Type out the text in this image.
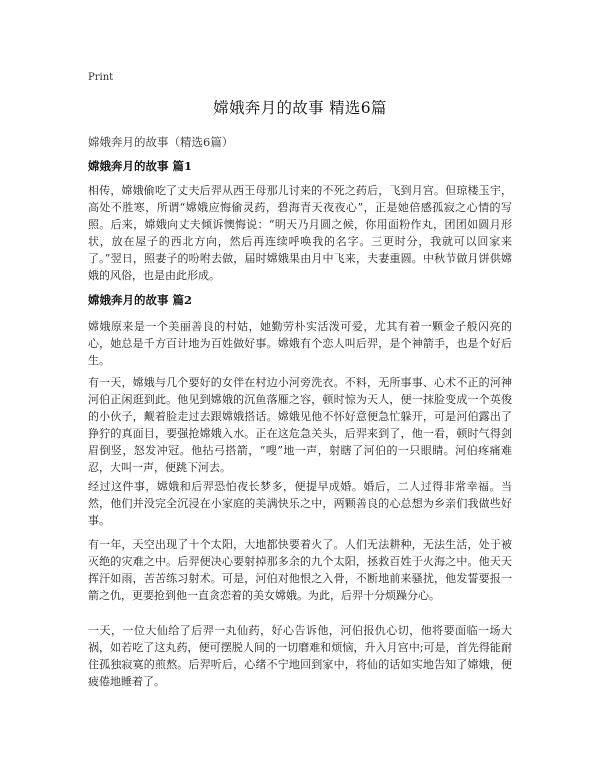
Print
嫦娥奔月的故事 精选6篇
嫦娥奔月的故事（精选6篇）
嫦娥奔月的故事 篇1

相传，嫦娥偷吃了丈夫后羿从西王母那儿讨来的不死之药后，飞到月宫。但琼楼玉宇，高处不胜寒，所谓“嫦娥应悔偷灵药，碧海青天夜夜心”，正是她倍感孤寂之心情的写照。后来，嫦娥向丈夫倾诉懊悔说：“明天乃月圆之候，你用面粉作丸，团团如圆月形状，放在屋子的西北方向，然后再连续呼唤我的名字。三更时分，我就可以回家来了。”翌日，照妻子的吩咐去做，届时嫦娥果由月中飞来，夫妻重圆。中秋节做月饼供嫦娥的风俗，也是由此形成。

嫦娥奔月的故事 篇2

嫦娥原来是一个美丽善良的村姑，她勤劳朴实活泼可爱，尤其有着一颗金子般闪亮的心，她总是千方百计地为百姓做好事。嫦娥有个恋人叫后羿，是个神箭手，也是个好后生。

有一天，嫦娥与几个要好的女伴在村边小河旁洗衣。不料，无所事事、心术不正的河神河伯正闲逛到此。他见到嫦娥的沉鱼落雁之容，顿时惊为天人，便一抹脸变成一个英俊的小伙子，觍着脸走过去跟嫦娥搭话。嫦娥见他不怀好意便急忙躲开，可是河伯露出了狰狞的真面目，要强抢嫦娥入水。正在这危急关头，后羿来到了，他一看，顿时气得剑眉倒竖，怒发冲冠。他拈弓搭箭，“嗖”地一声，射瞎了河伯的一只眼睛。河伯疼痛难忍，大叫一声，便跳下河去。

经过这件事，嫦娥和后羿恐怕夜长梦多，便提早成婚。婚后，二人过得非常幸福。当然，他们并没完全沉浸在小家庭的美满快乐之中，两颗善良的心总想为乡亲们我做些好事。

有一年，天空出现了十个太阳，大地都快要着火了。人们无法耕种，无法生活，处于被灭绝的灾难之中。后羿便决心要射掉那多余的九个太阳，拯救百姓于火海之中。他天天挥汗如雨，苦苦练习射术。可是，河伯对他恨之入骨，不断地前来骚扰，他发誓要报一箭之仇，更要抢到他一直贪恋着的美女嫦娥。为此，后羿十分烦躁分心。

一天，一位大仙给了后羿一丸仙药，好心告诉他，河伯报仇心切，他将要面临一场大祸，如若吃了这丸药，便可摆脱人间的一切磨难和烦恼，升入月宫中;可是，首先得能耐住孤独寂寞的煎熬。后羿听后，心绪不宁地回到家中，将仙的话如实地告知了嫦娥，便疲倦地睡着了。
